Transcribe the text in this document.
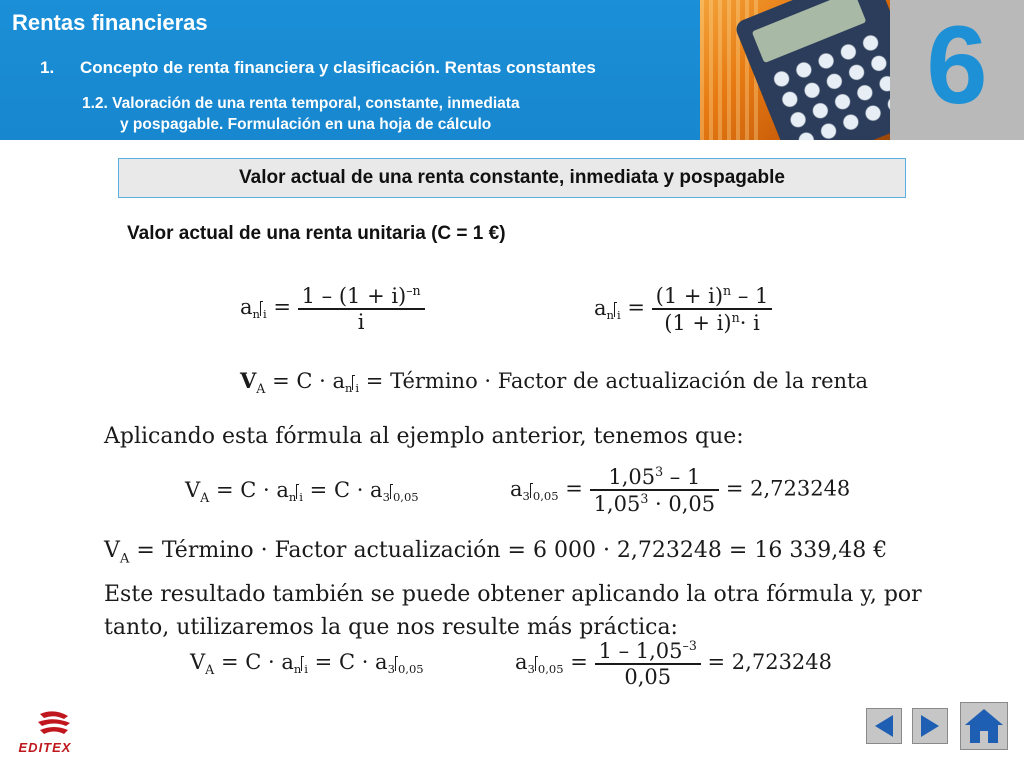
Rentas financieras
1. Concepto de renta financiera y clasificación. Rentas constantes
1.2. Valoración de una renta temporal, constante, inmediata
y pospagable. Formulación en una hoja de cálculo	6
Valor actual de una renta constante, inmediata y pospagable
Valor actual de una renta unitaria (C = 1 €)
an $i = \frac{1 - (1 + i)^{-n}}{i}$	an $i = \frac{(1 + i)^n - 1}{(1 + i)^n\cdot i}$
$V_A = C$ · an i = Término · Factor de actualización de la renta
Aplicando esta fórmula al ejemplo anterior, tenemos que:
$V_A = C$ · an i = C · a3 0,05	a3 $0,05 = \frac{1,05^3 - 1}{1,05^3 \cdot 0,05} = 2,723248$
$V_A$ = Término · Factor actualización = 6 000 · 2,723248 = 16 339,48 €
Este resultado también se puede obtener aplicando la otra fórmula y, por tanto, utilizaremos la que nos resulte más práctica:
$V_A = C$ · an i = C · a3 0,05	a3 $0,05 = \frac{1 - 1,05^{-3}}{0,05} = 2,723248$
EDITEX
